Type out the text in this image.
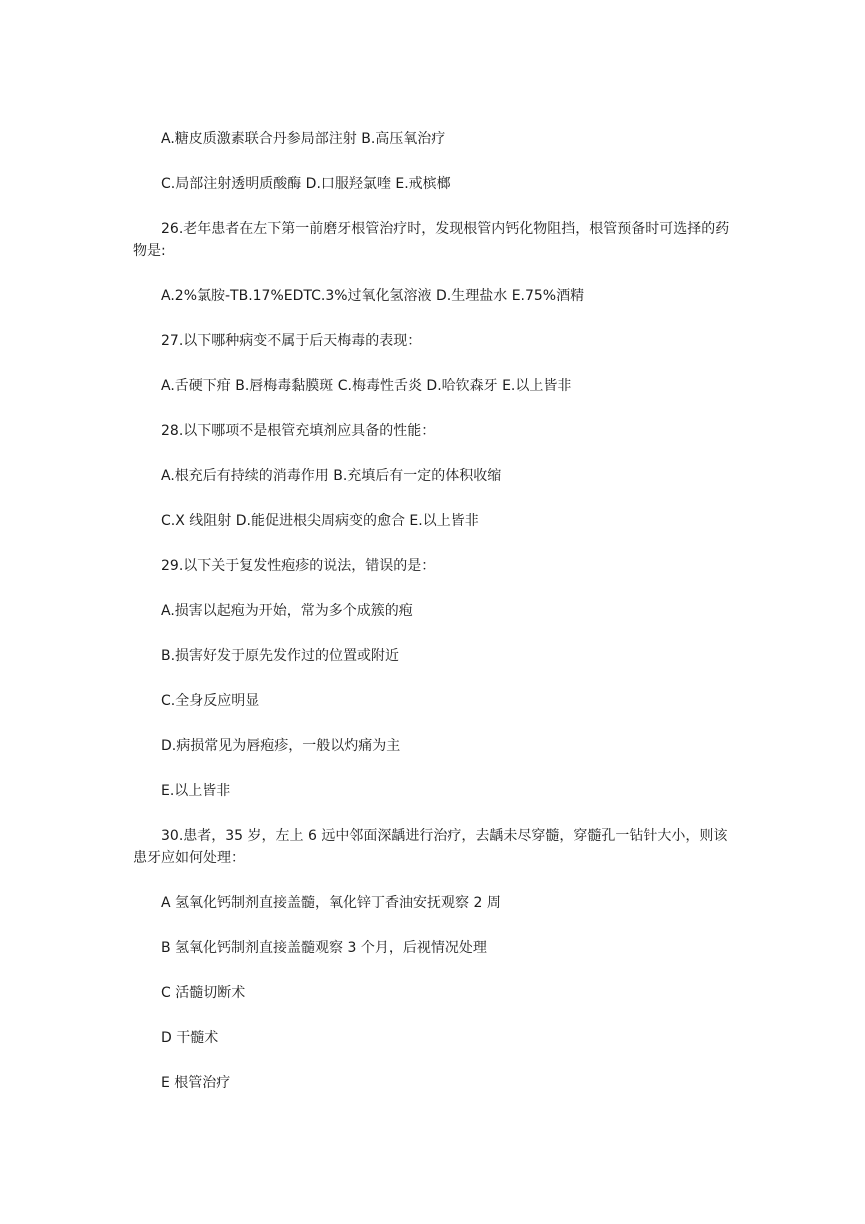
A.糖皮质激素联合丹参局部注射 B.高压氧治疗

C.局部注射透明质酸酶 D.口服羟氯喹 E.戒槟榔

26.老年患者在左下第一前磨牙根管治疗时，发现根管内钙化物阻挡，根管预备时可选择的药物是:

A.2%氯胺-TB.17%EDTC.3%过氧化氢溶液 D.生理盐水 E.75%酒精

27.以下哪种病变不属于后天梅毒的表现：

A.舌硬下疳 B.唇梅毒黏膜斑 C.梅毒性舌炎 D.哈钦森牙 E.以上皆非

28.以下哪项不是根管充填剂应具备的性能：

A.根充后有持续的消毒作用 B.充填后有一定的体积收缩

C.X 线阻射 D.能促进根尖周病变的愈合 E.以上皆非

29.以下关于复发性疱疹的说法，错误的是：

A.损害以起疱为开始，常为多个成簇的疱

B.损害好发于原先发作过的位置或附近

C.全身反应明显

D.病损常见为唇疱疹，一般以灼痛为主

E.以上皆非

30.患者，35 岁，左上 6 远中邻面深龋进行治疗，去龋未尽穿髓，穿髓孔一钻针大小，则该患牙应如何处理：

A 氢氧化钙制剂直接盖髓，氧化锌丁香油安抚观察 2 周

B 氢氧化钙制剂直接盖髓观察 3 个月，后视情况处理

C 活髓切断术

D 干髓术

E 根管治疗
